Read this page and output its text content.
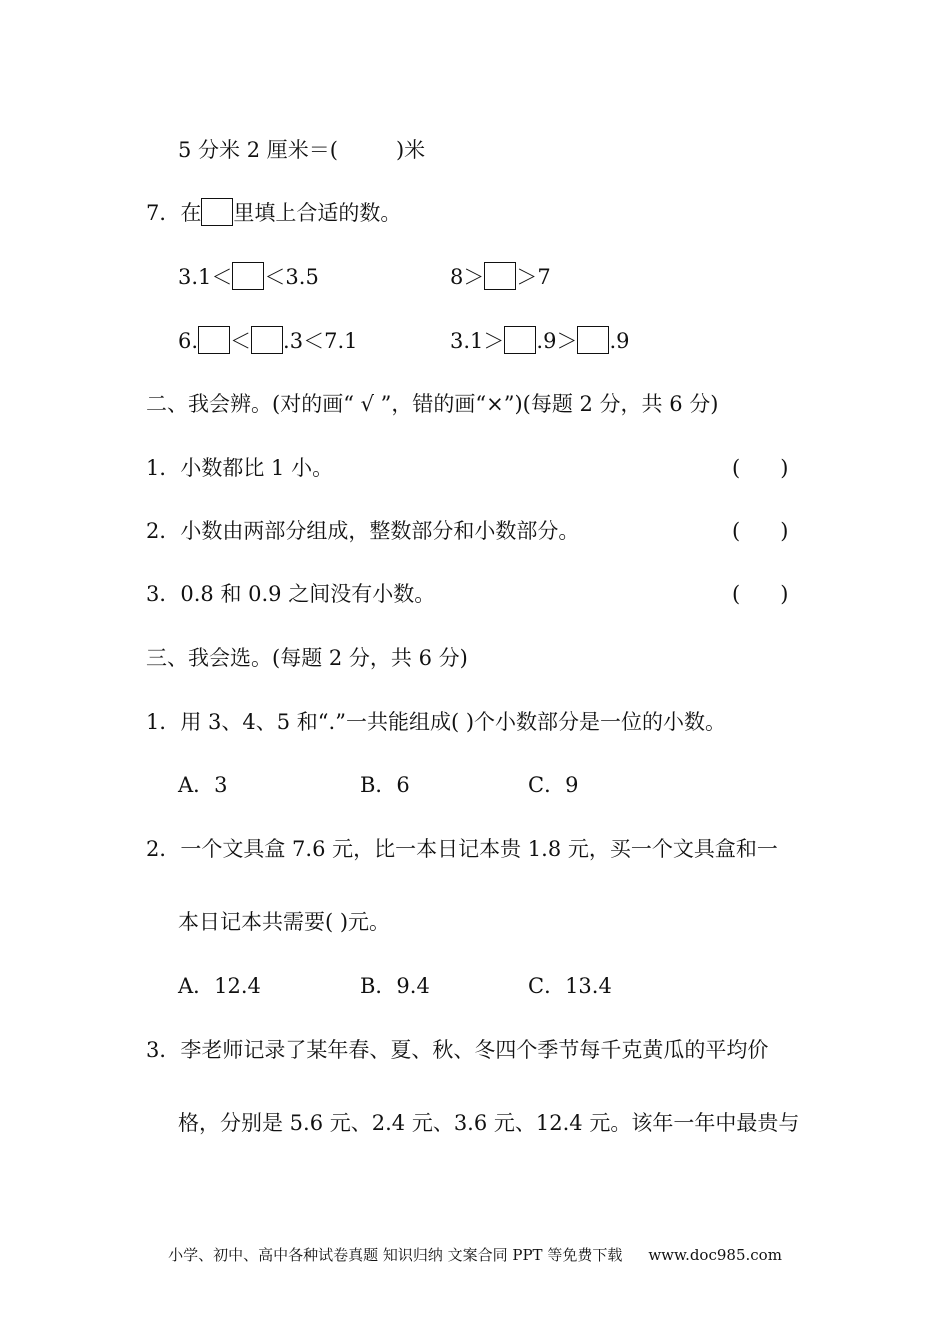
5 分米 2 厘米＝(	)米
7．在 里填上合适的数。
3.1＜ ＜3.5	8＞ ＞7
6. ＜ .3＜7.1	3.1＞ .9＞ .9
二、我会辨。(对的画“ √ ”，错的画“×”)(每题 2 分，共 6 分)
1．小数都比 1 小。	(      )
2．小数由两部分组成，整数部分和小数部分。	(      )
3．0.8 和 0.9 之间没有小数。	(      )
三、我会选。(每题 2 分，共 6 分)
1．用 3、4、5 和“.”一共能组成( )个小数部分是一位的小数。
A．3	B．6	C．9
2．一个文具盒 7.6 元，比一本日记本贵 1.8 元，买一个文具盒和一
本日记本共需要( )元。
A．12.4	B．9.4	C．13.4
3．李老师记录了某年春、夏、秋、冬四个季节每千克黄瓜的平均价
格，分别是 5.6 元、2.4 元、3.6 元、12.4 元。该年一年中最贵与
小学、初中、高中各种试卷真题 知识归纳 文案合同 PPT 等免费下载 www.doc985.com
